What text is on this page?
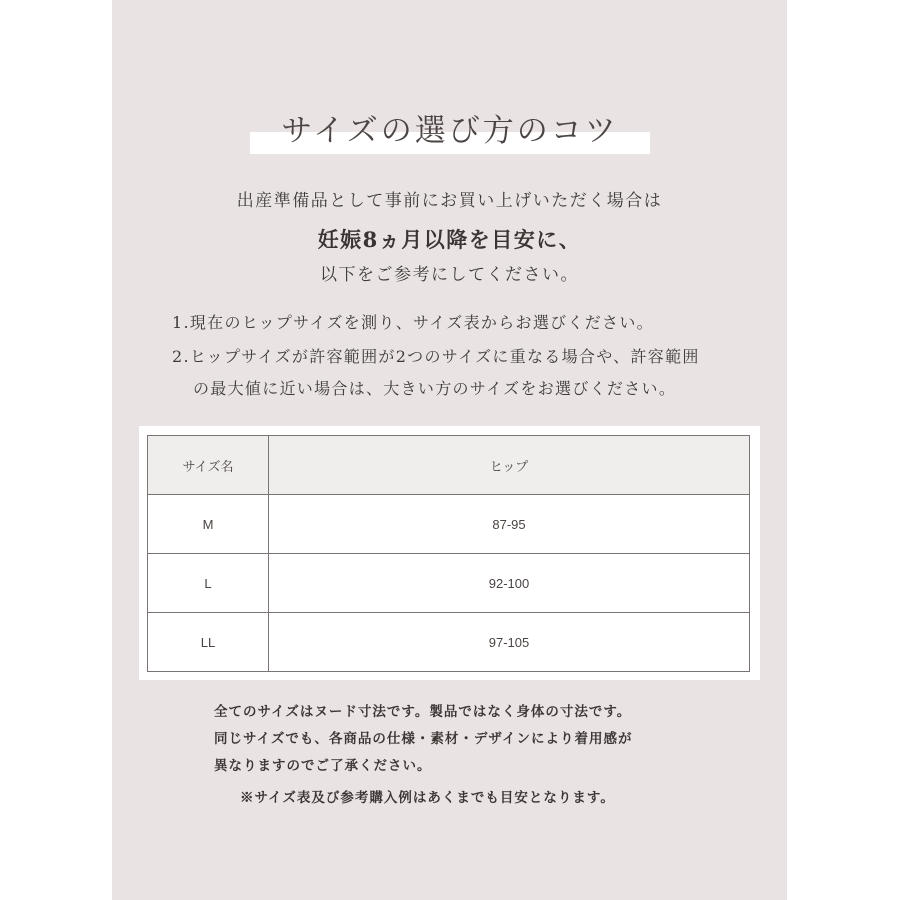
サイズの選び方のコツ
出産準備品として事前にお買い上げいただく場合は
妊娠8ヵ月以降を目安に、
以下をご参考にしてください。
1.現在のヒップサイズを測り、サイズ表からお選びください。
2.ヒップサイズが許容範囲が2つのサイズに重なる場合や、許容範囲
の最大値に近い場合は、大きい方のサイズをお選びください。
サイズ名	ヒップ
M	87-95
L	92-100
LL	97-105
全てのサイズはヌード寸法です。製品ではなく身体の寸法です。
同じサイズでも、各商品の仕様・素材・デザインにより着用感が
異なりますのでご了承ください。
※サイズ表及び参考購入例はあくまでも目安となります。
